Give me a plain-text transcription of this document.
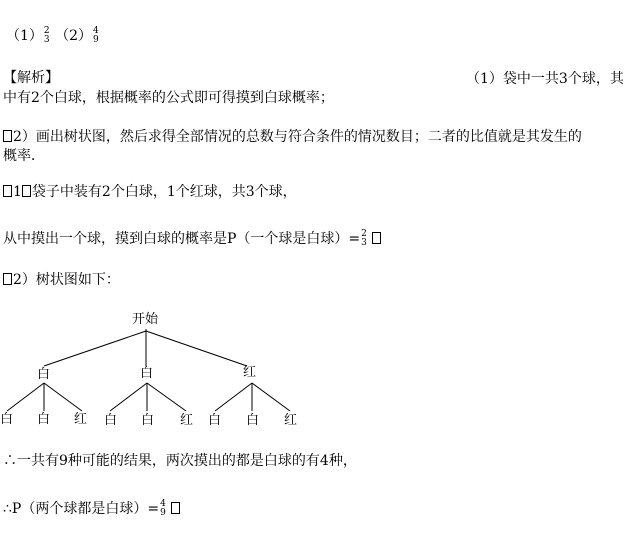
（1） 2
3 （2） 4
9
【解析】	（1）袋中一共3个球，其
中有2个白球，根据概率的公式即可得摸到白球概率；
2）画出树状图，然后求得全部情况的总数与符合条件的情况数目；二者的比值就是其发生的
概率．
1 袋子中装有2个白球，1个红球，共3个球，
从中摸出一个球，摸到白球的概率是P（一个球是白球）= 2
3

2）树状图如下：
开始
白	白	红
白 白 红 白 白 红 白 白 红
∴一共有9种可能的结果，两次摸出的都是白球的有4种，
∴P（两个球都是白球）= 4
9
